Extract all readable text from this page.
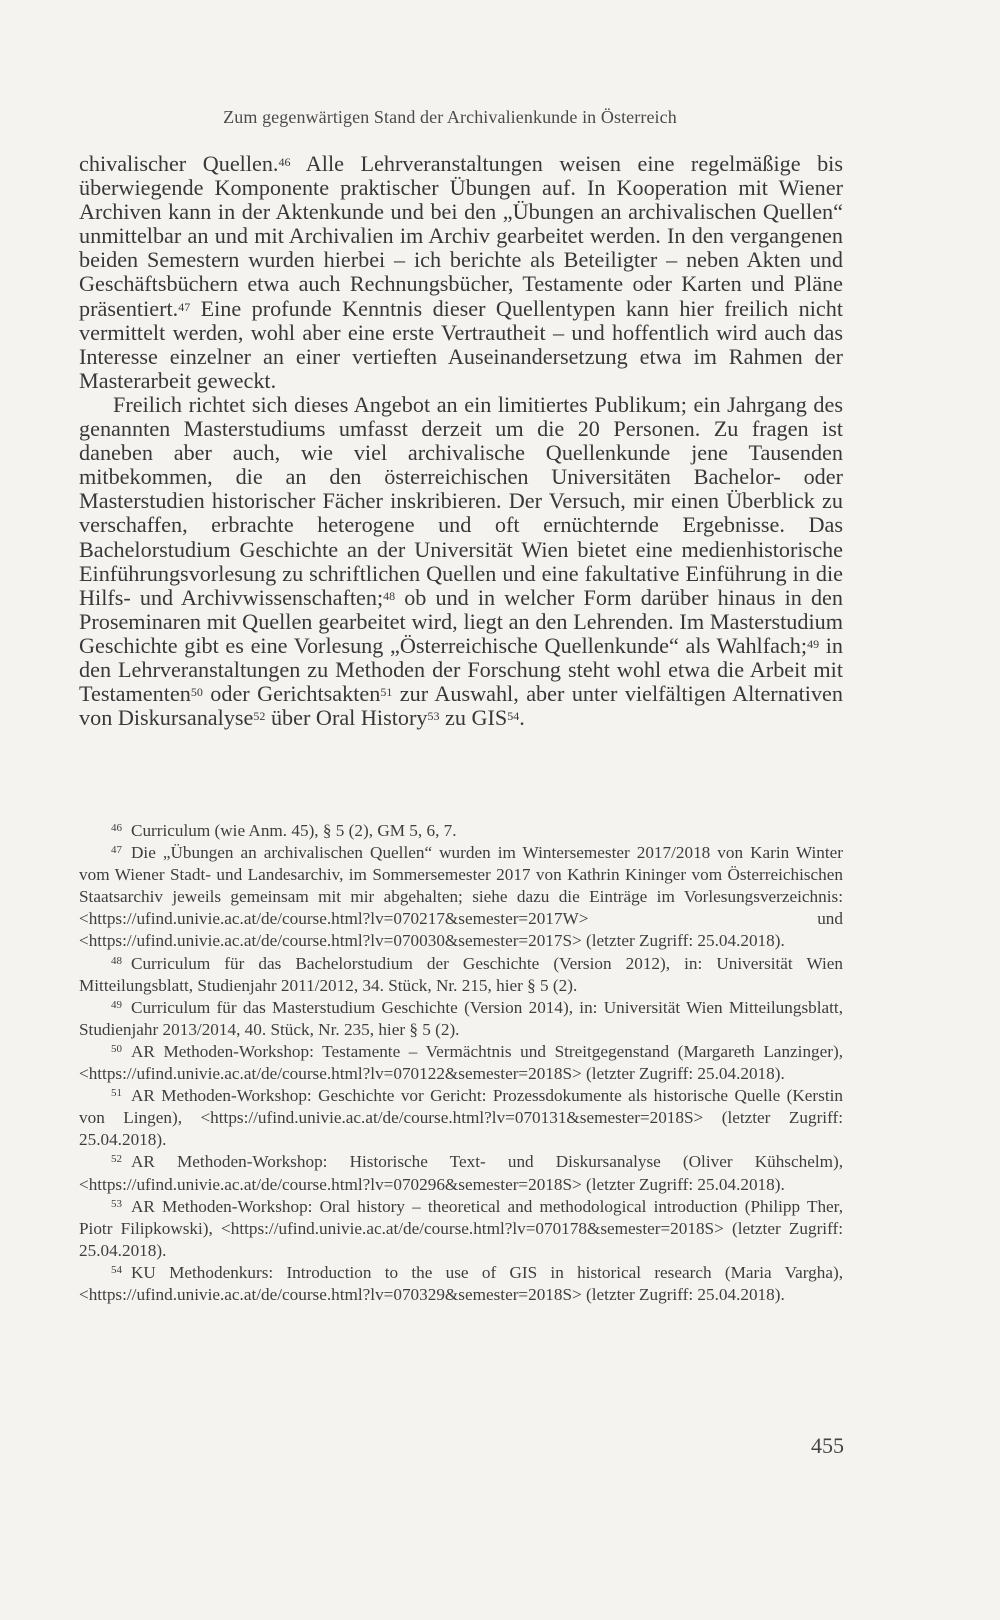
Zum gegenwärtigen Stand der Archivalienkunde in Österreich

chivalischer Quellen.$^{46}$ Alle Lehrveranstaltungen weisen eine regelmäßige bis überwiegende Komponente praktischer Übungen auf. In Kooperation mit Wiener Archiven kann in der Aktenkunde und bei den „Übungen an archivalischen Quellen“ unmittelbar an und mit Archivalien im Archiv gearbeitet werden. In den vergangenen beiden Semestern wurden hierbei – ich berichte als Beteiligter – neben Akten und Geschäftsbüchern etwa auch Rechnungsbücher, Testamente oder Karten und Pläne präsentiert.$^{47}$ Eine profunde Kenntnis dieser Quellentypen kann hier freilich nicht vermittelt werden, wohl aber eine erste Vertrautheit – und hoffentlich wird auch das Interesse einzelner an einer vertieften Auseinandersetzung etwa im Rahmen der Masterarbeit geweckt.

Freilich richtet sich dieses Angebot an ein limitiertes Publikum; ein Jahrgang des genannten Masterstudiums umfasst derzeit um die 20 Personen. Zu fragen ist daneben aber auch, wie viel archivalische Quellenkunde jene Tausenden mitbekommen, die an den österreichischen Universitäten Bachelor- oder Masterstudien historischer Fächer inskribieren. Der Versuch, mir einen Überblick zu verschaffen, erbrachte heterogene und oft ernüchternde Ergebnisse. Das Bachelorstudium Geschichte an der Universität Wien bietet eine medienhistorische Einführungsvorlesung zu schriftlichen Quellen und eine fakultative Einführung in die Hilfs- und Archivwissenschaften;$^{48}$ ob und in welcher Form darüber hinaus in den Proseminaren mit Quellen gearbeitet wird, liegt an den Lehrenden. Im Masterstudium Geschichte gibt es eine Vorlesung „Österreichische Quellenkunde“ als Wahlfach;$^{49}$ in den Lehrveranstaltungen zu Methoden der Forschung steht wohl etwa die Arbeit mit Testamenten$^{50}$ oder Gerichtsakten$^{51}$ zur Auswahl, aber unter vielfältigen Alternativen von Diskursanalyse$^{52}$ über Oral History$^{53}$ zu GIS$^{54}$.

$^{46}$ Curriculum (wie Anm. 45), § 5 (2), GM 5, 6, 7.

$^{47}$ Die „Übungen an archivalischen Quellen“ wurden im Wintersemester 2017/2018 von Karin Winter vom Wiener Stadt- und Landesarchiv, im Sommersemester 2017 von Kathrin Kininger vom Österreichischen Staatsarchiv jeweils gemeinsam mit mir abgehalten; siehe dazu die Einträge im Vorlesungsverzeichnis: <https://ufind.univie.ac.at/de/course.html?lv=070217&semester=2017W> und <https://ufind.univie.ac.at/de/course.html?lv=070030&semester=2017S> (letzter Zugriff: 25.04.2018).

$^{48}$ Curriculum für das Bachelorstudium der Geschichte (Version 2012), in: Universität Wien Mitteilungsblatt, Studienjahr 2011/2012, 34. Stück, Nr. 215, hier § 5 (2).

$^{49}$ Curriculum für das Masterstudium Geschichte (Version 2014), in: Universität Wien Mitteilungsblatt, Studienjahr 2013/2014, 40. Stück, Nr. 235, hier § 5 (2).

$^{50}$ AR Methoden-Workshop: Testamente – Vermächtnis und Streitgegenstand (Margareth Lanzinger), <https://ufind.univie.ac.at/de/course.html?lv=070122&semester=2018S> (letzter Zugriff: 25.04.2018).

$^{51}$ AR Methoden-Workshop: Geschichte vor Gericht: Prozessdokumente als historische Quelle (Kerstin von Lingen), <https://ufind.univie.ac.at/de/course.html?lv=070131&semester=2018S> (letzter Zugriff: 25.04.2018).

$^{52}$ AR Methoden-Workshop: Historische Text- und Diskursanalyse (Oliver Kühschelm), <https://ufind.univie.ac.at/de/course.html?lv=070296&semester=2018S> (letzter Zugriff: 25.04.2018).

$^{53}$ AR Methoden-Workshop: Oral history – theoretical and methodological introduction (Philipp Ther, Piotr Filipkowski), <https://ufind.univie.ac.at/de/course.html?lv=070178&semester=2018S> (letzter Zugriff: 25.04.2018).

$^{54}$ KU Methodenkurs: Introduction to the use of GIS in historical research (Maria Vargha), <https://ufind.univie.ac.at/de/course.html?lv=070329&semester=2018S> (letzter Zugriff: 25.04.2018).

455
